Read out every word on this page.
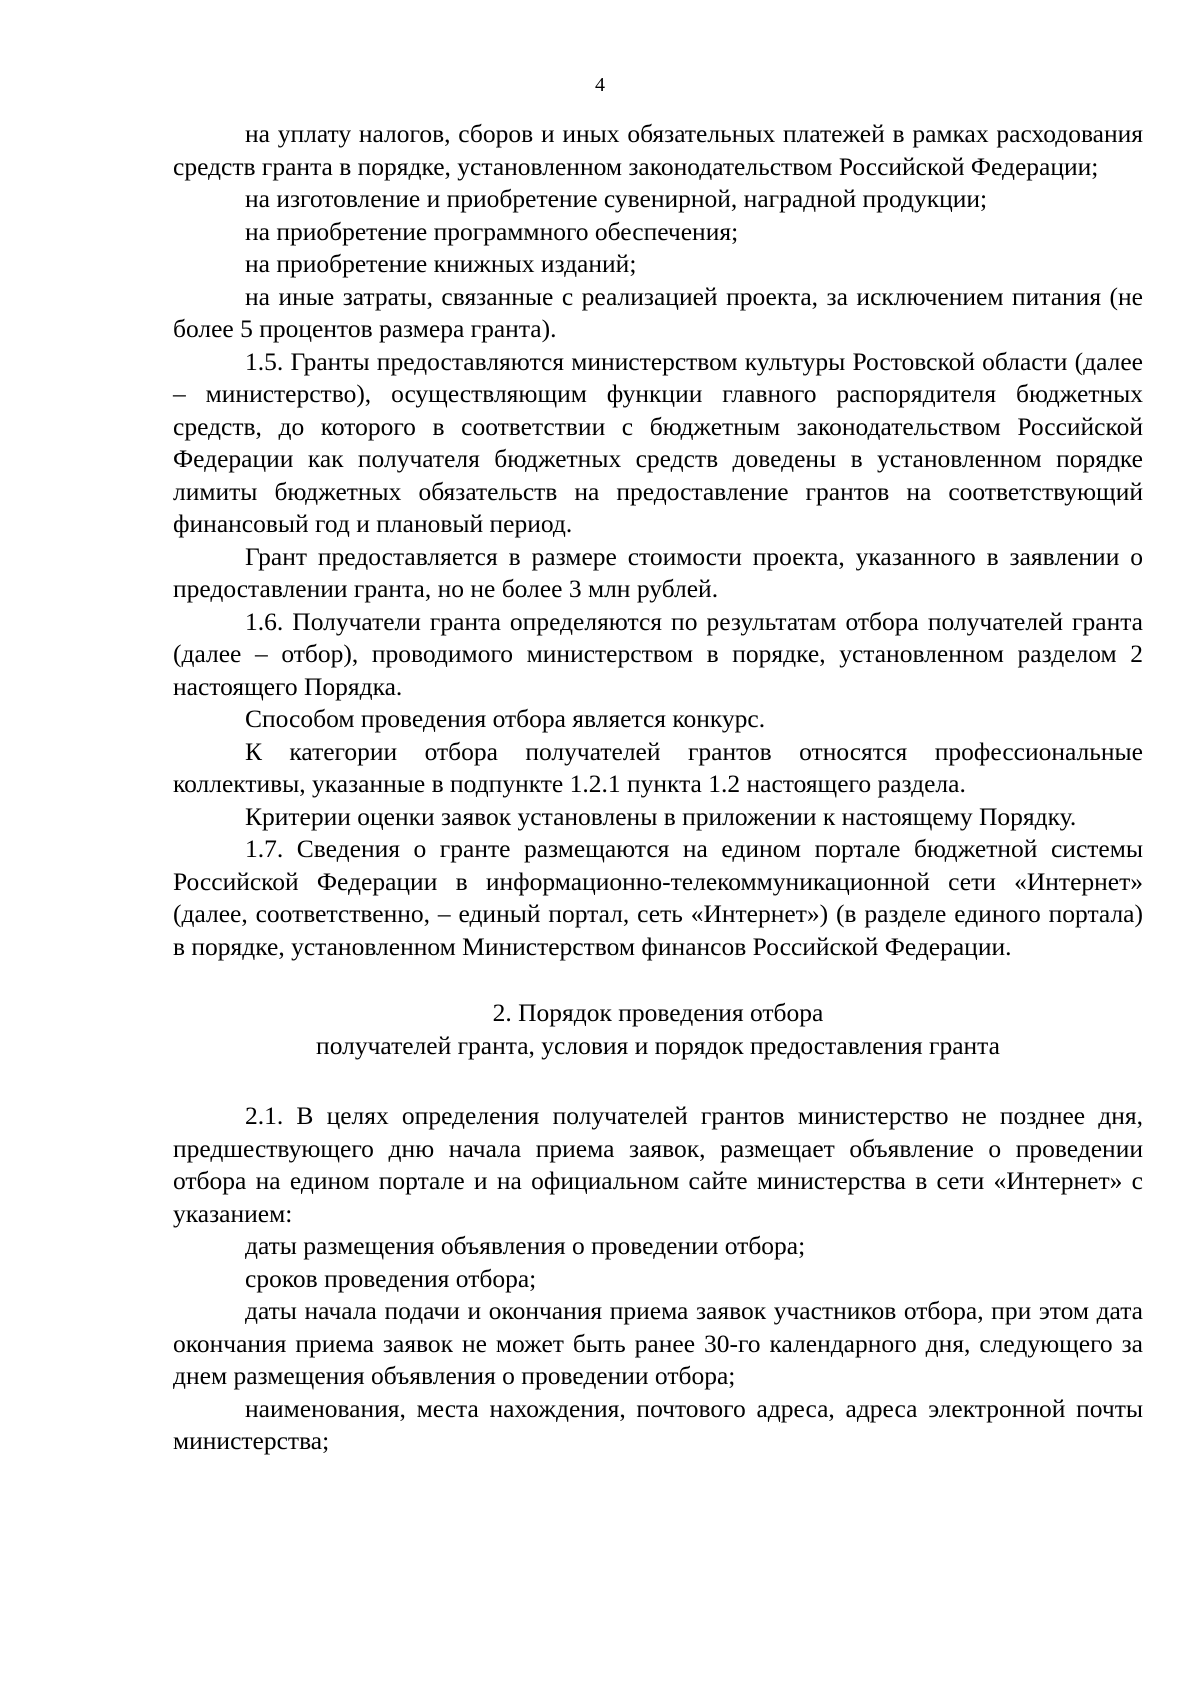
4

на уплату налогов, сборов и иных обязательных платежей в рамках расходования средств гранта в порядке, установленном законодательством Российской Федерации;

на изготовление и приобретение сувенирной, наградной продукции;

на приобретение программного обеспечения;

на приобретение книжных изданий;

на иные затраты, связанные с реализацией проекта, за исключением питания (не более 5 процентов размера гранта).

1.5. Гранты предоставляются министерством культуры Ростовской области (далее – министерство), осуществляющим функции главного распорядителя бюджетных средств, до которого в соответствии с бюджетным законодательством Российской Федерации как получателя бюджетных средств доведены в установленном порядке лимиты бюджетных обязательств на предоставление грантов на соответствующий финансовый год и плановый период.

Грант предоставляется в размере стоимости проекта, указанного в заявлении о предоставлении гранта, но не более 3 млн рублей.

1.6. Получатели гранта определяются по результатам отбора получателей гранта (далее – отбор), проводимого министерством в порядке, установленном разделом 2 настоящего Порядка.

Способом проведения отбора является конкурс.

К категории отбора получателей грантов относятся профессиональные коллективы, указанные в подпункте 1.2.1 пункта 1.2 настоящего раздела.

Критерии оценки заявок установлены в приложении к настоящему Порядку.

1.7. Сведения о гранте размещаются на едином портале бюджетной системы Российской Федерации в информационно-телекоммуникационной сети «Интернет» (далее, соответственно, – единый портал, сеть «Интернет») (в разделе единого портала) в порядке, установленном Министерством финансов Российской Федерации.

2. Порядок проведения отбора
получателей гранта, условия и порядок предоставления гранта

2.1. В целях определения получателей грантов министерство не позднее дня, предшествующего дню начала приема заявок, размещает объявление о проведении отбора на едином портале и на официальном сайте министерства в сети «Интернет» с указанием:

даты размещения объявления о проведении отбора;

сроков проведения отбора;

даты начала подачи и окончания приема заявок участников отбора, при этом дата окончания приема заявок не может быть ранее 30-го календарного дня, следующего за днем размещения объявления о проведении отбора;

наименования, места нахождения, почтового адреса, адреса электронной почты министерства;
